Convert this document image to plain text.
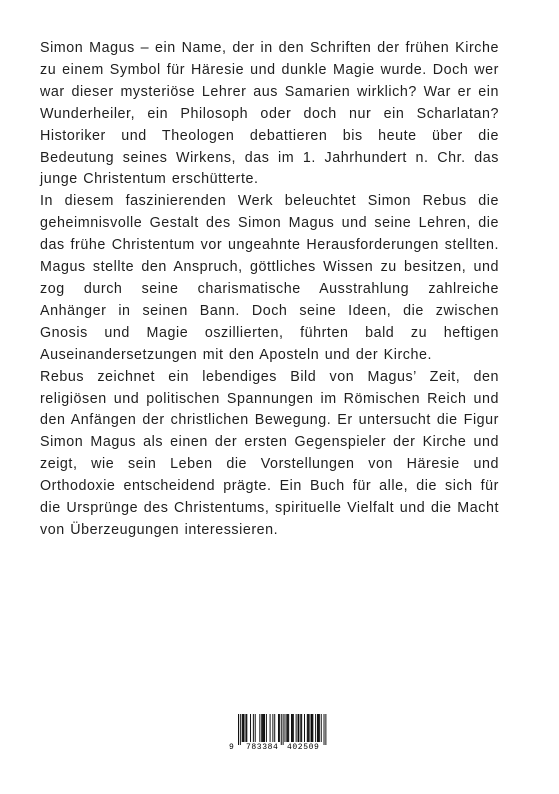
Simon Magus – ein Name, der in den Schriften der frühen Kirche zu einem Symbol für Häresie und dunkle Magie wurde. Doch wer war dieser mysteriöse Lehrer aus Samarien wirklich? War er ein Wunderheiler, ein Philosoph oder doch nur ein Scharlatan? Historiker und Theologen debattieren bis heute über die Bedeutung seines Wirkens, das im 1. Jahrhundert n. Chr. das junge Christentum erschütterte.

In diesem faszinierenden Werk beleuchtet Simon Rebus die geheimnisvolle Gestalt des Simon Magus und seine Lehren, die das frühe Christentum vor ungeahnte Herausforderungen stellten. Magus stellte den Anspruch, göttliches Wissen zu besitzen, und zog durch seine charismatische Ausstrahlung zahlreiche Anhänger in seinen Bann. Doch seine Ideen, die zwischen Gnosis und Magie oszillierten, führten bald zu heftigen Auseinandersetzungen mit den Aposteln und der Kirche.

Rebus zeichnet ein lebendiges Bild von Magus’ Zeit, den religiösen und politischen Spannungen im Römischen Reich und den Anfängen der christlichen Bewegung. Er untersucht die Figur Simon Magus als einen der ersten Gegenspieler der Kirche und zeigt, wie sein Leben die Vorstellungen von Häresie und Orthodoxie entscheidend prägte. Ein Buch für alle, die sich für die Ursprünge des Christentums, spirituelle Vielfalt und die Macht von Überzeugungen interessieren.

9 783384 402509
